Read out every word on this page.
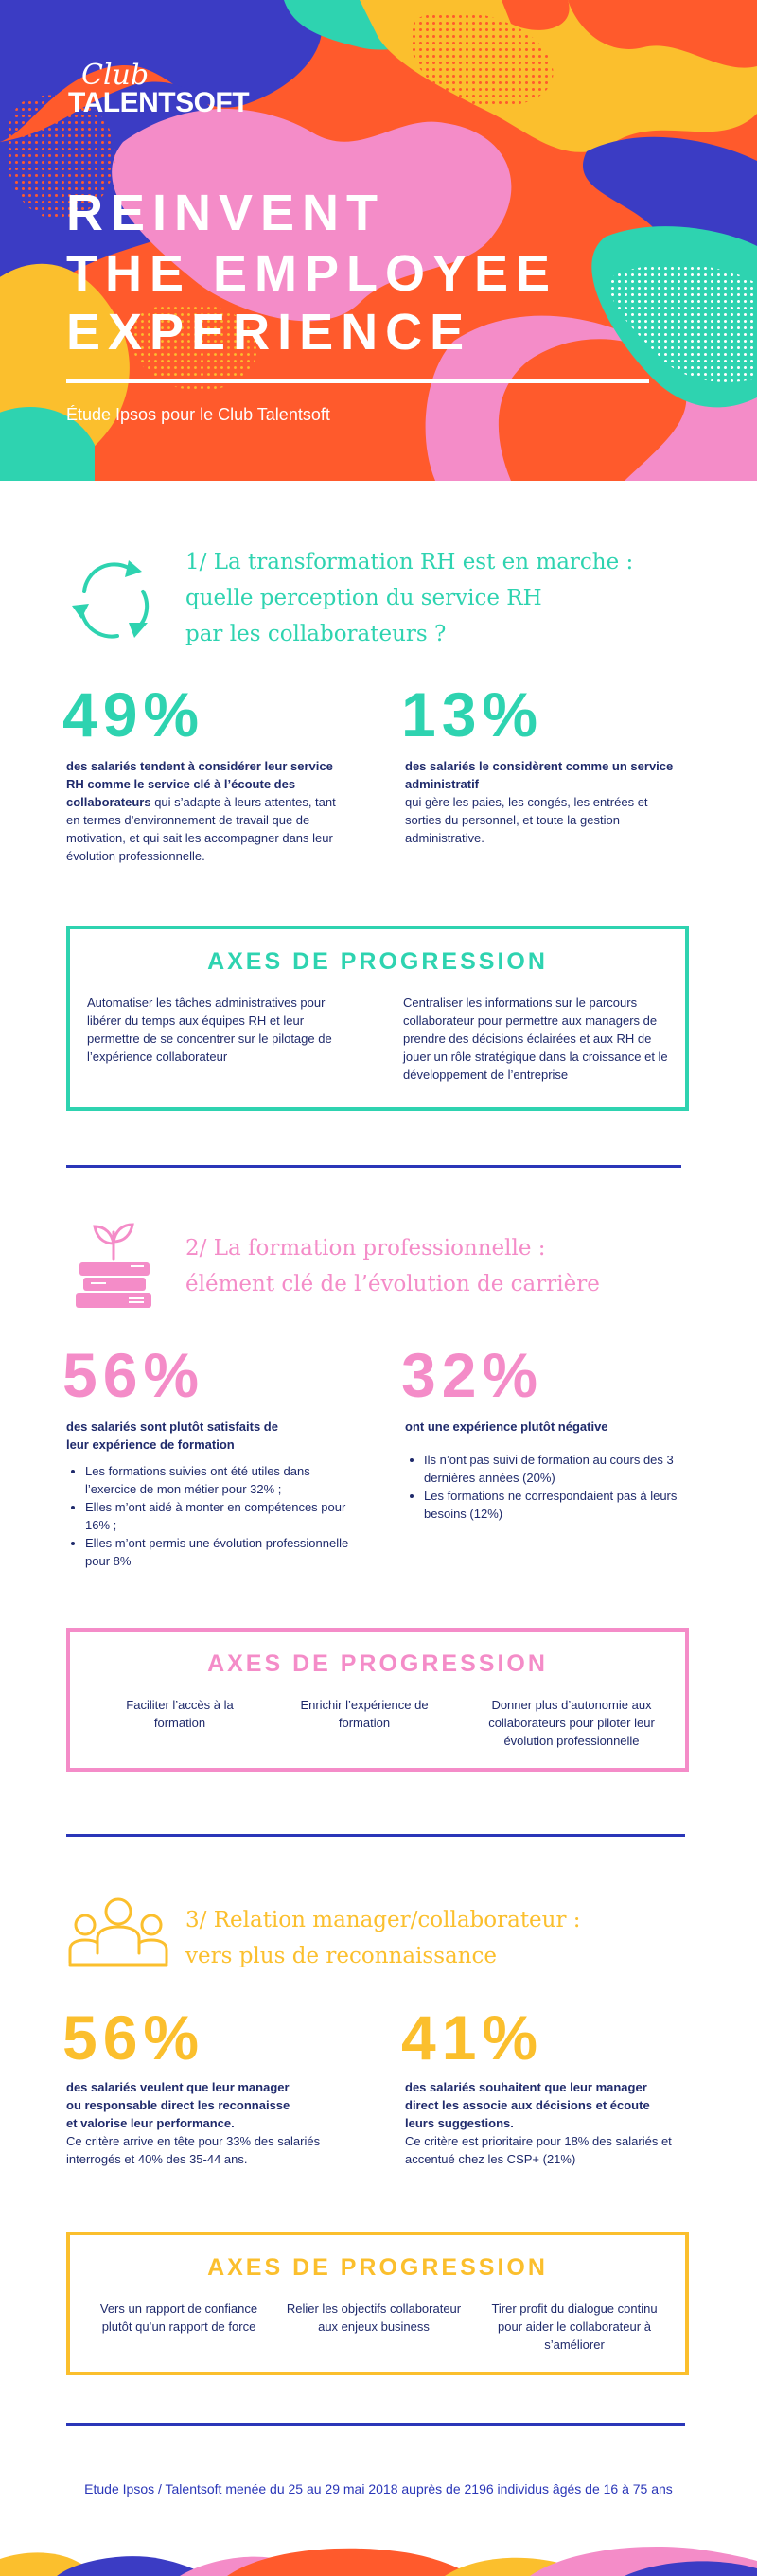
Club
TALENTSOFT
REINVENT
THE EMPLOYEE
EXPERIENCE
Étude Ipsos pour le Club Talentsoft
1/ La transformation RH est en marche :
quelle perception du service RH
par les collaborateurs ?
49%
des salariés tendent à considérer leur service RH comme le service clé à l’écoute des collaborateurs qui s’adapte à leurs attentes, tant en termes d’environnement de travail que de motivation, et qui sait les accompagner dans leur évolution professionnelle.
13%
des salariés le considèrent comme un service administratif
qui gère les paies, les congés, les entrées et sorties du personnel, et toute la gestion administrative.
AXES DE PROGRESSION
Automatiser les tâches administratives pour libérer du temps aux équipes RH et leur permettre de se concentrer sur le pilotage de l’expérience collaborateur
Centraliser les informations sur le parcours collaborateur pour permettre aux managers de prendre des décisions éclairées et aux RH de jouer un rôle stratégique dans la croissance et le développement de l’entreprise
2/ La formation professionnelle :
élément clé de l’évolution de carrière
56%
des salariés sont plutôt satisfaits de leur expérience de formation
• Les formations suivies ont été utiles dans l’exercice de mon métier pour 32% ;
• Elles m’ont aidé à monter en compétences pour 16% ;
• Elles m’ont permis une évolution professionnelle pour 8%
32%
ont une expérience plutôt négative
• Ils n’ont pas suivi de formation au cours des 3 dernières années (20%)
• Les formations ne correspondaient pas à leurs besoins (12%)
AXES DE PROGRESSION
Faciliter l’accès à la formation
Enrichir l’expérience de formation
Donner plus d’autonomie aux collaborateurs pour piloter leur évolution professionnelle
3/ Relation manager/collaborateur :
vers plus de reconnaissance
56%
des salariés veulent que leur manager ou responsable direct les reconnaisse et valorise leur performance.
Ce critère arrive en tête pour 33% des salariés interrogés et 40% des 35-44 ans.
41%
des salariés souhaitent que leur manager direct les associe aux décisions et écoute leurs suggestions.
Ce critère est prioritaire pour 18% des salariés et accentué chez les CSP+ (21%)
AXES DE PROGRESSION
Vers un rapport de confiance plutôt qu’un rapport de force
Relier les objectifs collaborateur aux enjeux business
Tirer profit du dialogue continu pour aider le collaborateur à s’améliorer
Etude Ipsos / Talentsoft menée du 25 au 29 mai 2018 auprès de 2196 individus âgés de 16 à 75 ans
